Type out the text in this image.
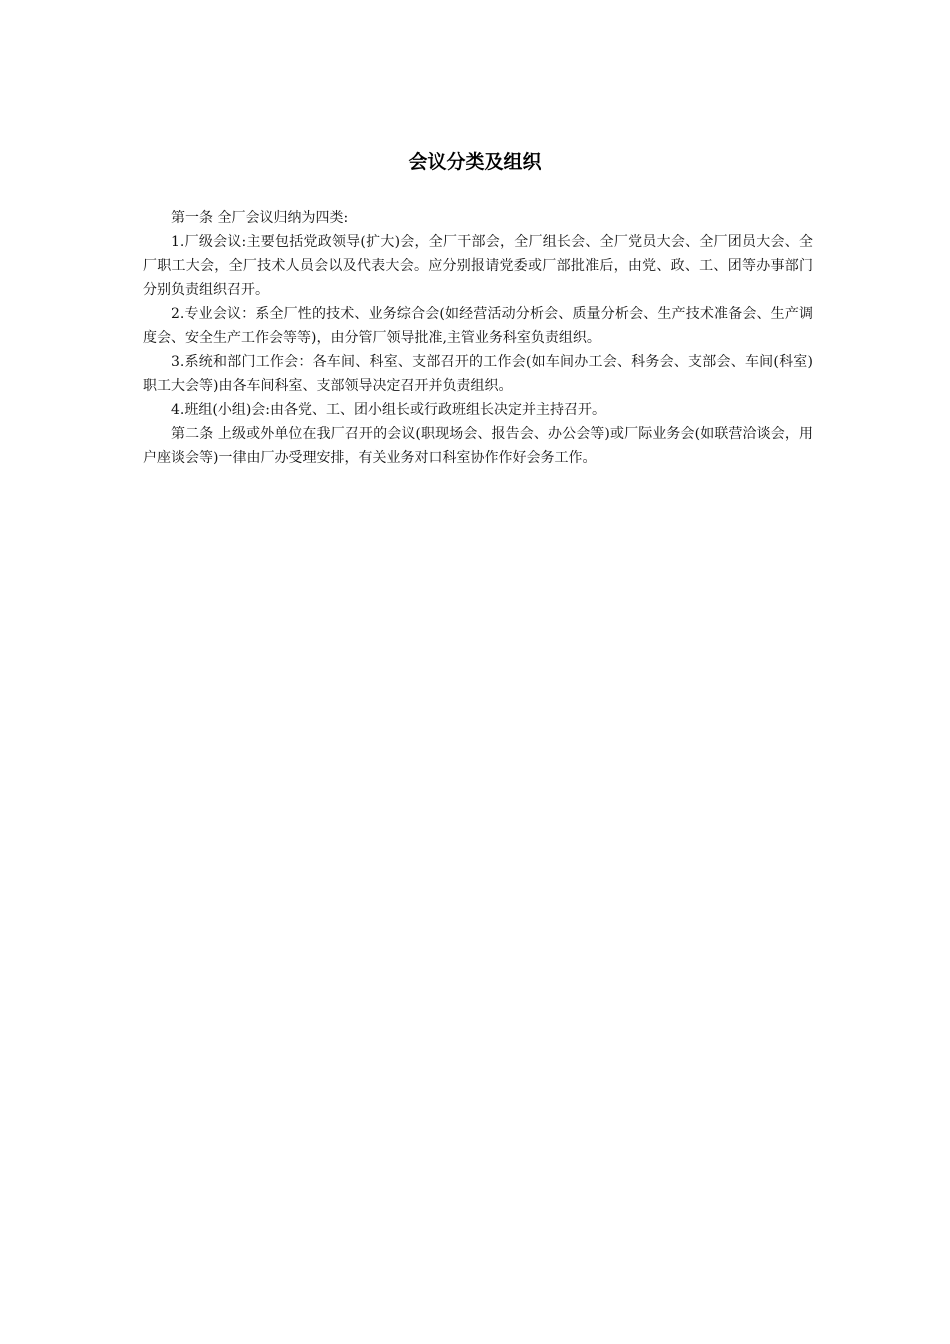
会议分类及组织

第一条 全厂会议归纳为四类:

1.厂级会议:主要包括党政领导(扩大)会，全厂干部会，全厂组长会、全厂党员大会、全厂团员大会、全厂职工大会，全厂技术人员会以及代表大会。应分别报请党委或厂部批准后，由党、政、工、团等办事部门分别负责组织召开。

2.专业会议：系全厂性的技术、业务综合会(如经营活动分析会、质量分析会、生产技术准备会、生产调度会、安全生产工作会等等)，由分管厂领导批准,主管业务科室负责组织。

3.系统和部门工作会：各车间、科室、支部召开的工作会(如车间办工会、科务会、支部会、车间(科室)职工大会等)由各车间科室、支部领导决定召开并负责组织。

4.班组(小组)会:由各党、工、团小组长或行政班组长决定并主持召开。

第二条 上级或外单位在我厂召开的会议(职现场会、报告会、办公会等)或厂际业务会(如联营洽谈会，用户座谈会等)一律由厂办受理安排，有关业务对口科室协作作好会务工作。
